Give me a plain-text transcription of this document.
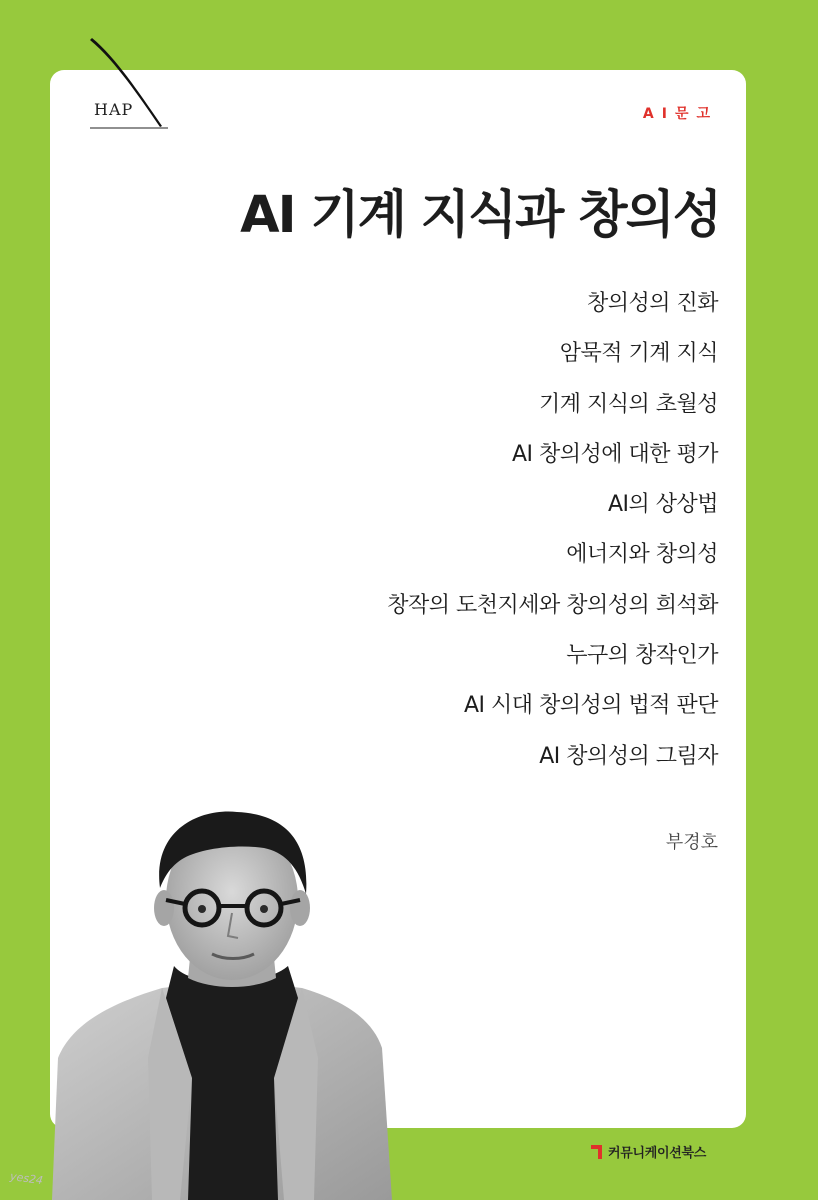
HAP	AI문고
AI 기계 지식과 창의성
창의성의 진화
암묵적 기계 지식
기계 지식의 초월성
AI 창의성에 대한 평가
AI의 상상법
에너지와 창의성
창작의 도천지세와 창의성의 희석화
누구의 창작인가
AI 시대 창의성의 법적 판단
AI 창의성의 그림자
부경호
커뮤니케이션북스
yes24
